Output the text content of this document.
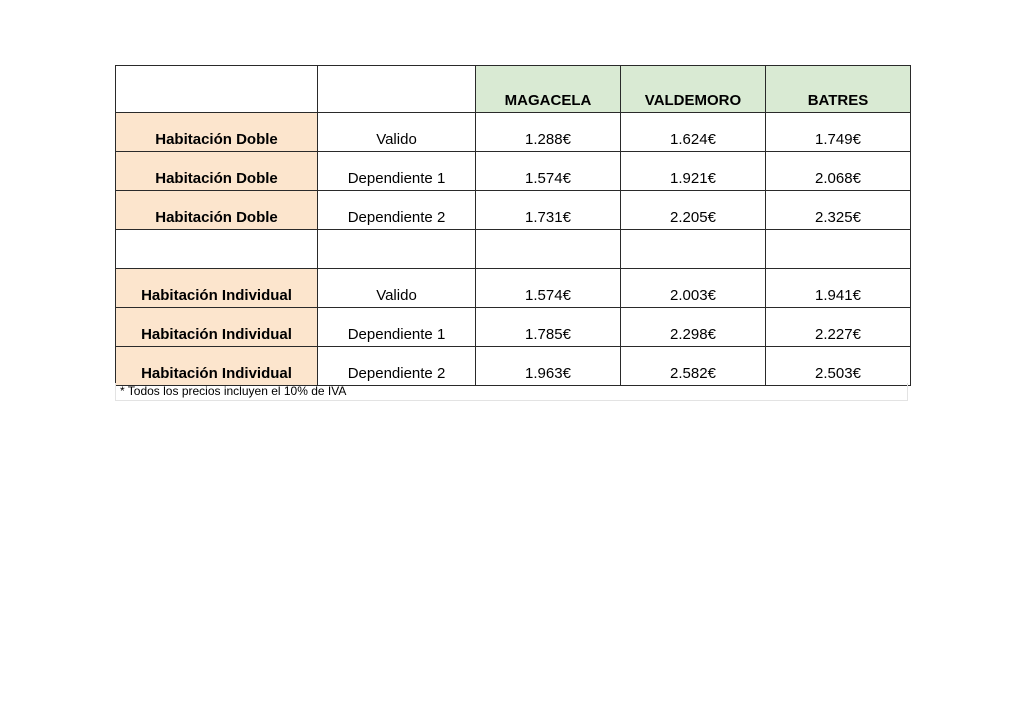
		MAGACELA	VALDEMORO	BATRES
Habitación Doble	Valido	1.288€	1.624€	1.749€
Habitación Doble	Dependiente 1	1.574€	1.921€	2.068€
Habitación Doble	Dependiente 2	1.731€	2.205€	2.325€

Habitación Individual	Valido	1.574€	2.003€	1.941€
Habitación Individual	Dependiente 1	1.785€	2.298€	2.227€
Habitación Individual	Dependiente 2	1.963€	2.582€	2.503€
* Todos los precios incluyen el 10% de IVA
